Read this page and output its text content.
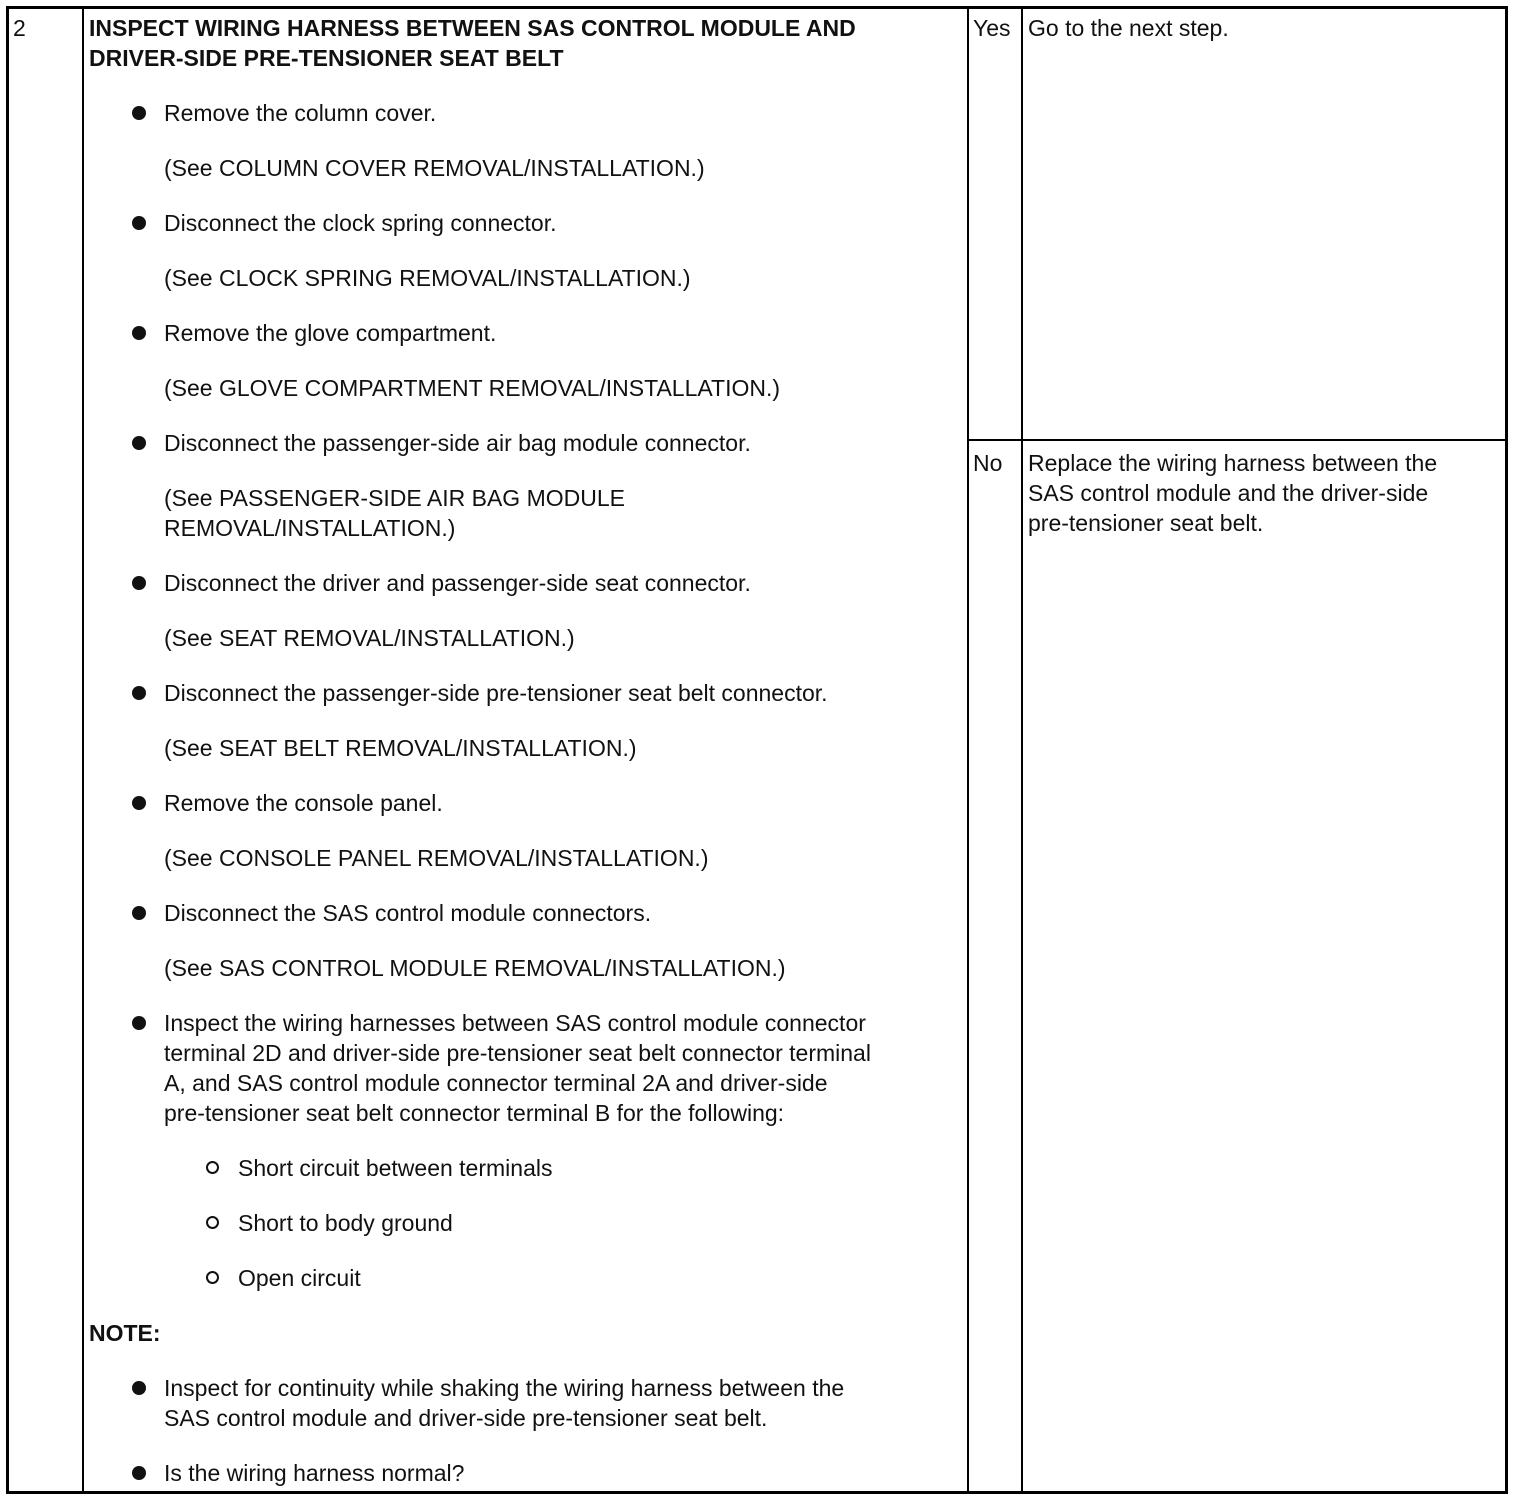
2	INSPECT WIRING HARNESS BETWEEN SAS CONTROL MODULE AND
DRIVER-SIDE PRE-TENSIONER SEAT BELT
Remove the column cover.
(See COLUMN COVER REMOVAL/INSTALLATION.)
Disconnect the clock spring connector.
(See CLOCK SPRING REMOVAL/INSTALLATION.)
Remove the glove compartment.
(See GLOVE COMPARTMENT REMOVAL/INSTALLATION.)
Disconnect the passenger-side air bag module connector.
(See PASSENGER-SIDE AIR BAG MODULE
REMOVAL/INSTALLATION.)
Disconnect the driver and passenger-side seat connector.
(See SEAT REMOVAL/INSTALLATION.)
Disconnect the passenger-side pre-tensioner seat belt connector.
(See SEAT BELT REMOVAL/INSTALLATION.)
Remove the console panel.
(See CONSOLE PANEL REMOVAL/INSTALLATION.)
Disconnect the SAS control module connectors.
(See SAS CONTROL MODULE REMOVAL/INSTALLATION.)
Inspect the wiring harnesses between SAS control module connector
terminal 2D and driver-side pre-tensioner seat belt connector terminal
A, and SAS control module connector terminal 2A and driver-side
pre-tensioner seat belt connector terminal B for the following:
Short circuit between terminals
Short to body ground
Open circuit
NOTE:
Inspect for continuity while shaking the wiring harness between the
SAS control module and driver-side pre-tensioner seat belt.
Is the wiring harness normal?
Yes Go to the next step.
No Replace the wiring harness between the
SAS control module and the driver-side
pre-tensioner seat belt.
